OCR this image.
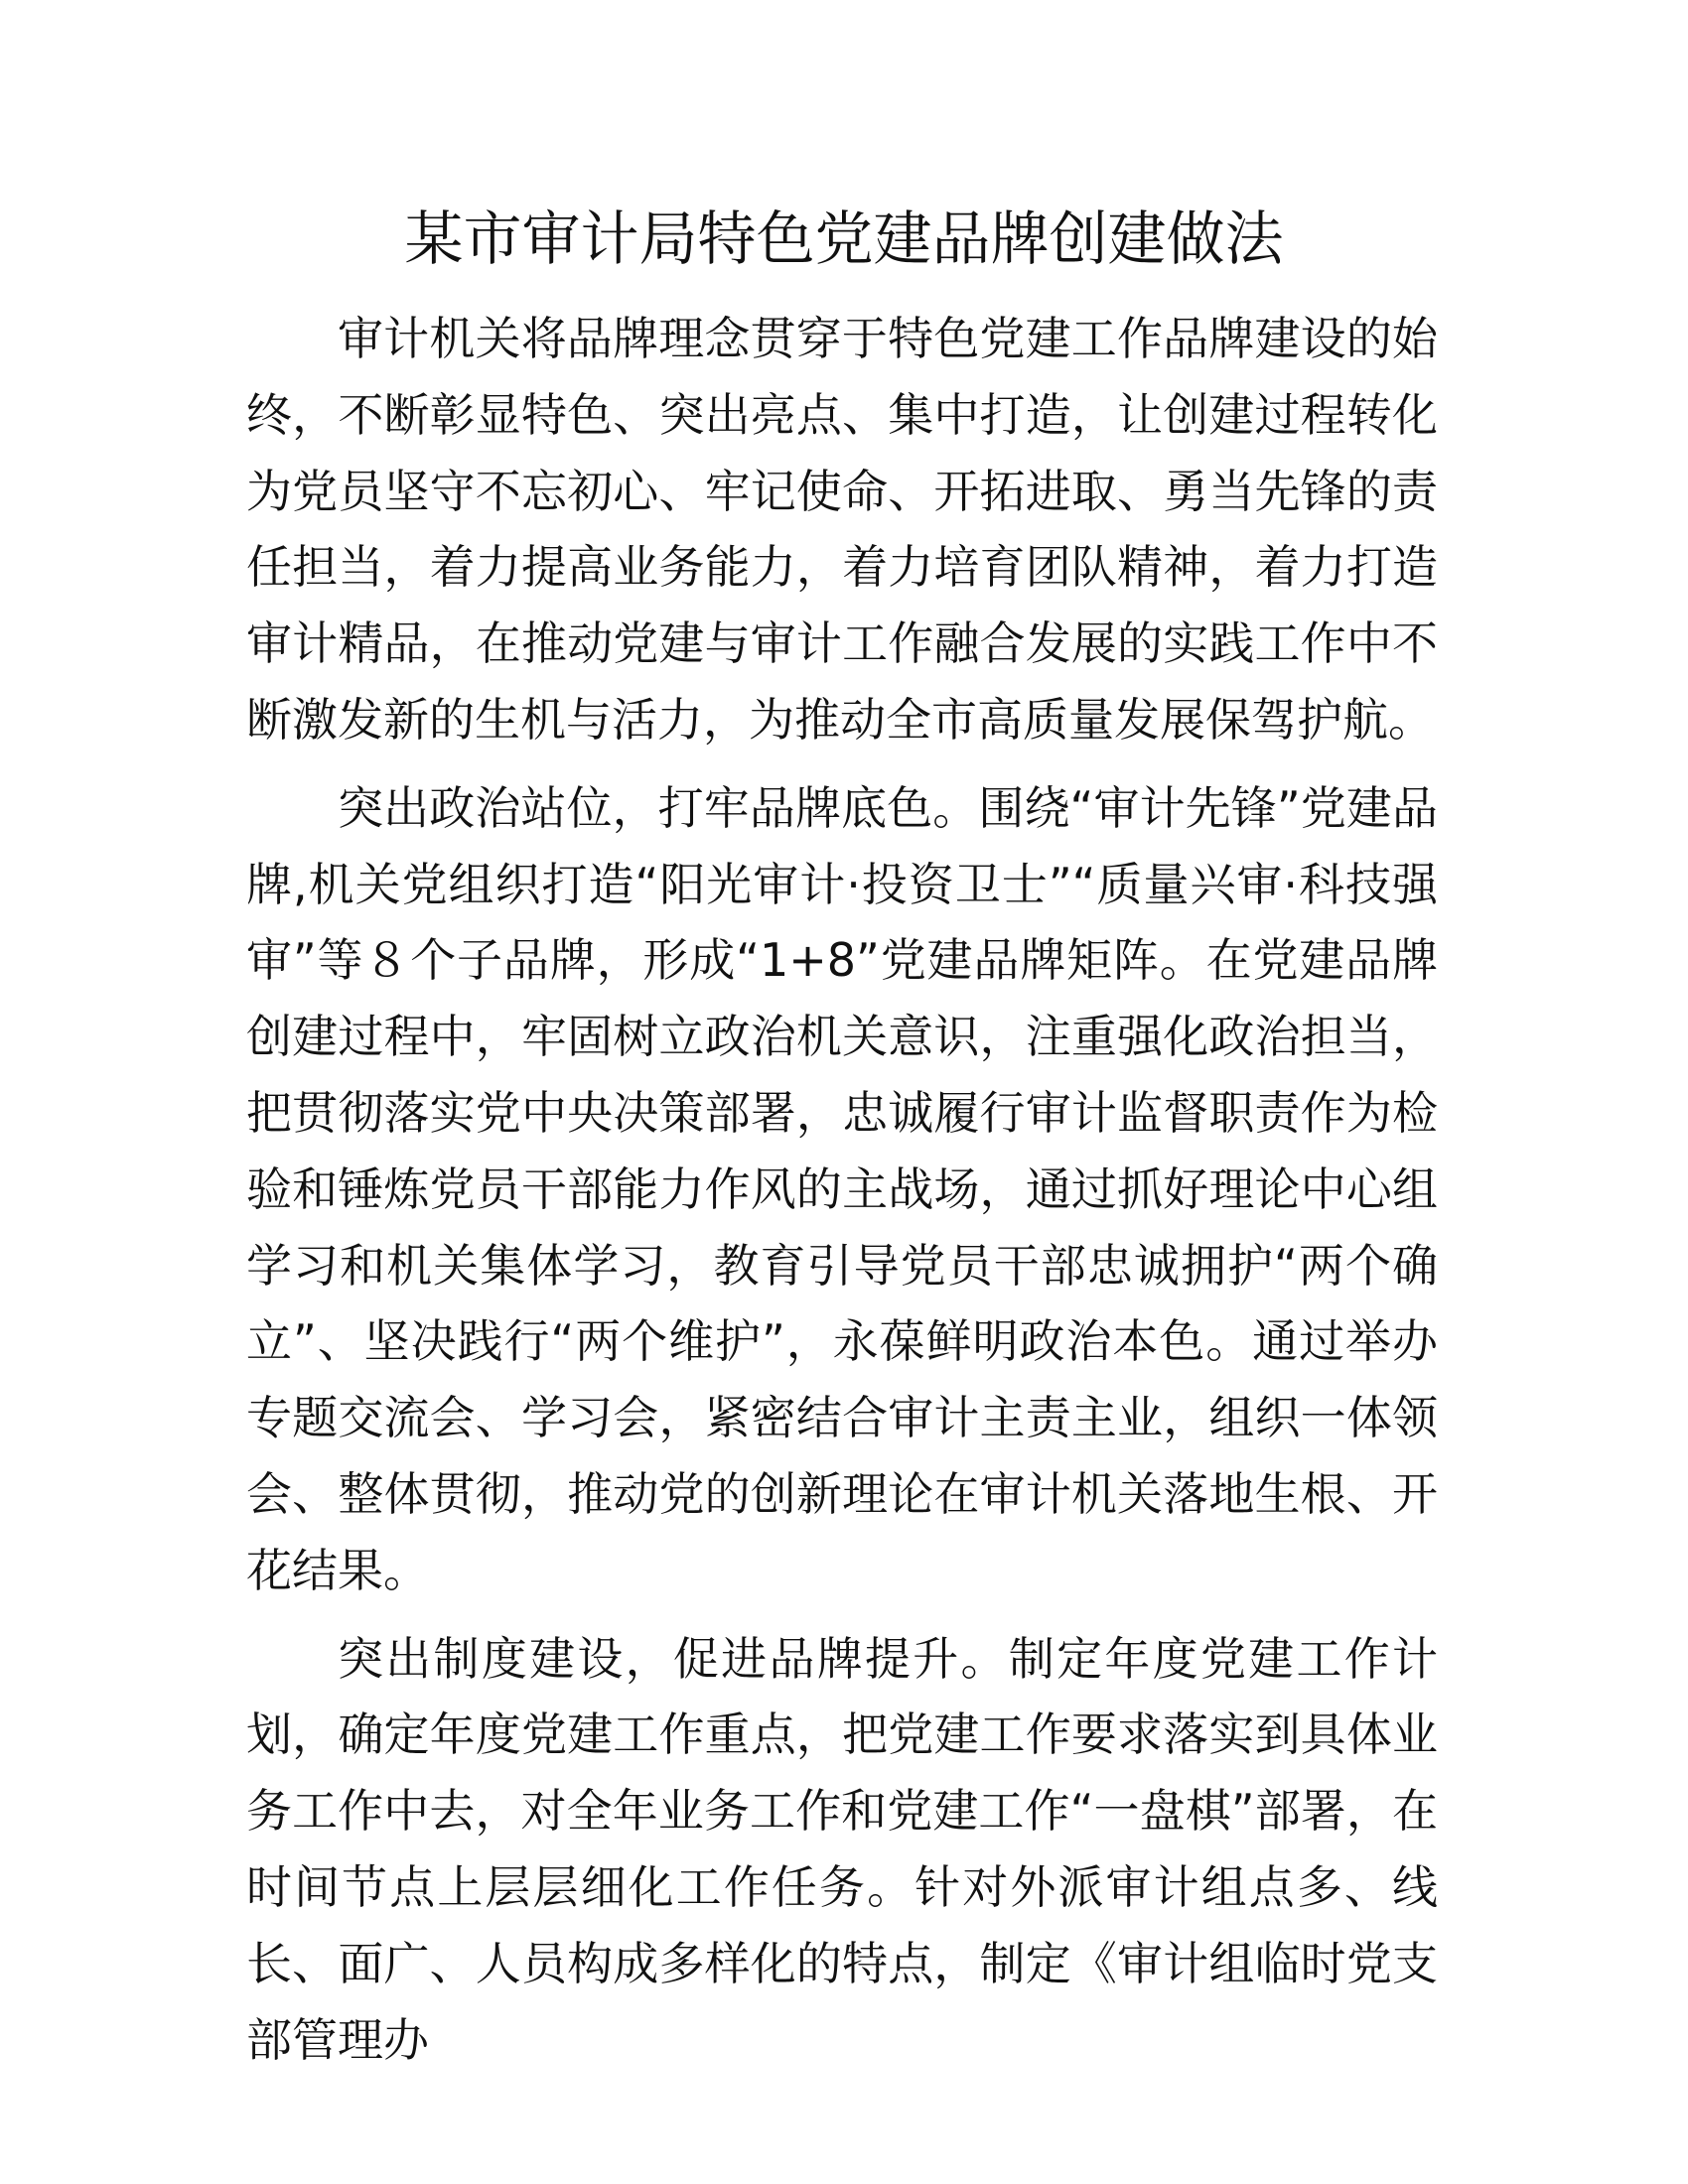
某市审计局特色党建品牌创建做法

审计机关将品牌理念贯穿于特色党建工作品牌建设的始终，不断彰显特色、突出亮点、集中打造，让创建过程转化为党员坚守不忘初心、牢记使命、开拓进取、勇当先锋的责任担当，着力提高业务能力，着力培育团队精神，着力打造审计精品，在推动党建与审计工作融合发展的实践工作中不断激发新的生机与活力，为推动全市高质量发展保驾护航。

突出政治站位，打牢品牌底色。围绕“审计先锋”党建品牌,机关党组织打造“阳光审计·投资卫士”“质量兴审·科技强审”等８个子品牌，形成“1+8”党建品牌矩阵。在党建品牌创建过程中，牢固树立政治机关意识，注重强化政治担当，把贯彻落实党中央决策部署，忠诚履行审计监督职责作为检验和锤炼党员干部能力作风的主战场，通过抓好理论中心组学习和机关集体学习，教育引导党员干部忠诚拥护“两个确立”、坚决践行“两个维护”，永葆鲜明政治本色。通过举办专题交流会、学习会，紧密结合审计主责主业，组织一体领会、整体贯彻，推动党的创新理论在审计机关落地生根、开花结果。

突出制度建设，促进品牌提升。制定年度党建工作计划，确定年度党建工作重点，把党建工作要求落实到具体业务工作中去，对全年业务工作和党建工作“一盘棋”部署，在时间节点上层层细化工作任务。针对外派审计组点多、线长、面广、人员构成多样化的特点，制定《审计组临时党支部管理办
